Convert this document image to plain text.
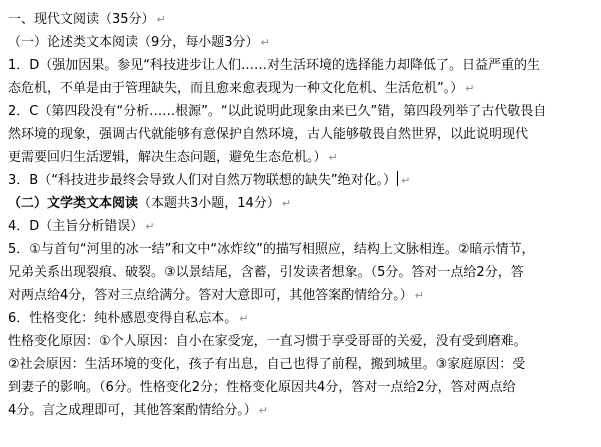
一、现代文阅读（35分） ↵
（一）论述类文本阅读（9分，每小题3分） ↵
1．D（强加因果。参见“科技进步让人们……对生活环境的选择能力却降低了。日益严重的生
态危机，不单是由于管理缺失，而且愈来愈表现为一种文化危机、生活危机”。） ↵
2．C（第四段没有“分析……根源”。“以此说明此现象由来已久”错，第四段列举了古代敬畏自
然环境的现象，强调古代就能够有意保护自然环境，古人能够敬畏自然世界，以此说明现代
更需要回归生活逻辑，解决生态问题，避免生态危机。） ↵
3．B（“科技进步最终会导致人们对自然万物联想的缺失”绝对化。） ↵
（二）文学类文本阅读（本题共3小题，14分） ↵
4．D（主旨分析错误） ↵
5．①与首句“河里的冰一结”和文中“冰炸纹”的描写相照应，结构上文脉相连。②暗示情节，
兄弟关系出现裂痕、破裂。③以景结尾，含蓄，引发读者想象。（5分。答对一点给2分，答
对两点给4分，答对三点给满分。答对大意即可，其他答案酌情给分。） ↵
6．性格变化：纯朴感恩变得自私忘本。 ↵
性格变化原因：①个人原因：自小在家受宠，一直习惯于享受哥哥的关爱，没有受到磨难。
②社会原因：生活环境的变化，孩子有出息，自己也得了前程，搬到城里。③家庭原因：受
到妻子的影响。（6分。性格变化2分；性格变化原因共4分，答对一点给2分，答对两点给
4分。言之成理即可，其他答案酌情给分。） ↵
